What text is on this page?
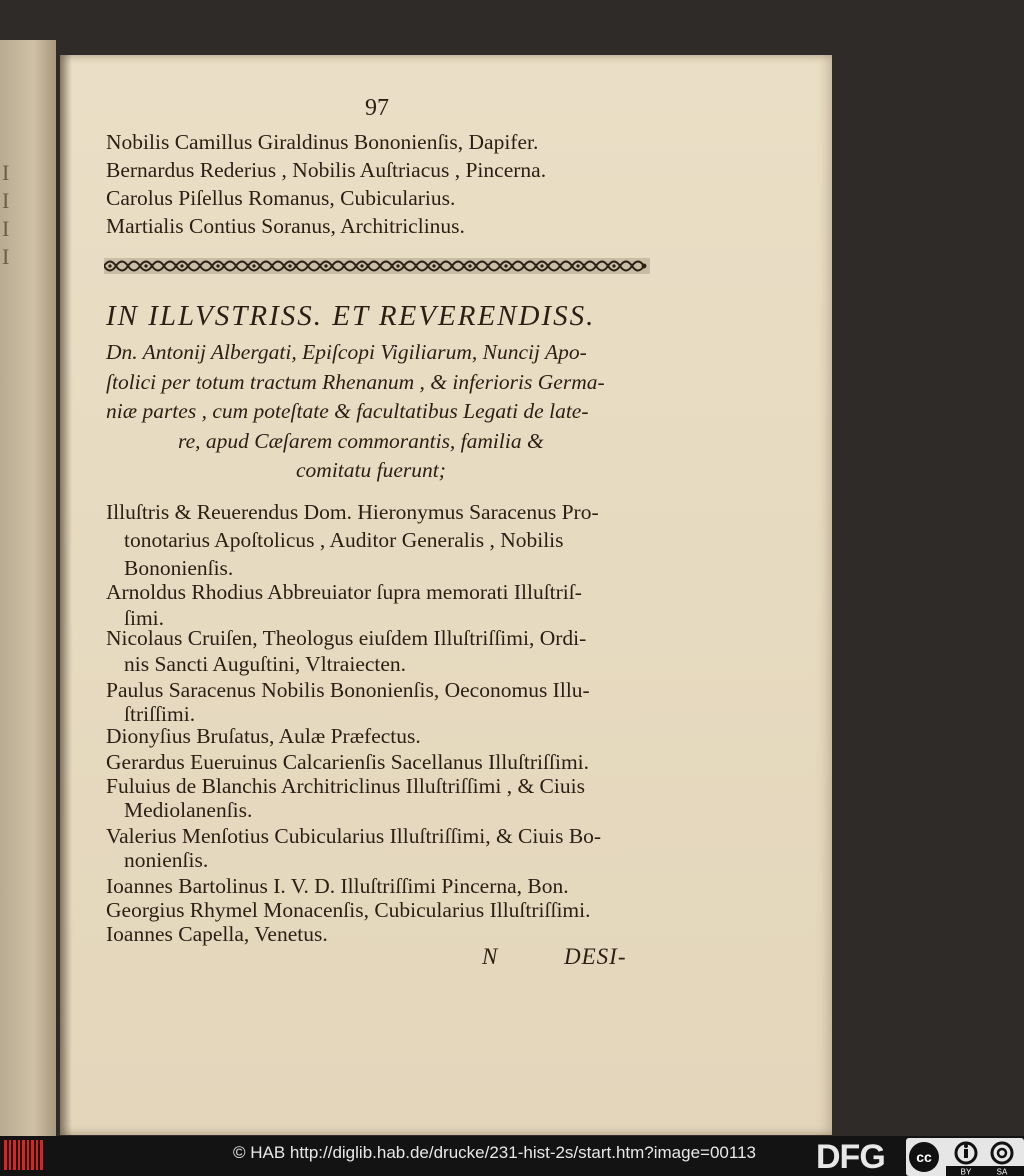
I
I
I
I
97
Nobilis Camillus Giraldinus Bononienſis, Dapifer.
Bernardus Rederius , Nobilis Auſtriacus , Pincerna.
Carolus Piſellus Romanus, Cubicularius.
Martialis Contius Soranus, Architriclinus.
IN ILLVSTRISS. ET REVERENDISS.
Dn. Antonij Albergati, Epiſcopi Vigiliarum, Nuncij Apo-
ſtolici per totum tractum Rhenanum , & inferioris Germa-
niæ partes , cum poteſtate & facultatibus Legati de late-
re, apud Cæſarem commorantis, familia &
comitatu fuerunt;
Illuſtris & Reuerendus Dom. Hieronymus Saracenus Pro-
tonotarius Apoſtolicus , Auditor Generalis , Nobilis
Bononienſis.
Arnoldus Rhodius Abbreuiator ſupra memorati Illuſtriſ-
ſimi.
Nicolaus Cruiſen, Theologus eiuſdem Illuſtriſſimi, Ordi-
nis Sancti Auguſtini, Vltraiecten.
Paulus Saracenus Nobilis Bononienſis, Oeconomus Illu-
ſtriſſimi.
Dionyſius Bruſatus, Aulæ Præfectus.
Gerardus Eueruinus Calcarienſis Sacellanus Illuſtriſſimi.
Fuluius de Blanchis Architriclinus Illuſtriſſimi , & Ciuis
Mediolanenſis.
Valerius Menſotius Cubicularius Illuſtriſſimi, & Ciuis Bo-
nonienſis.
Ioannes Bartolinus I. V. D. Illuſtriſſimi Pincerna, Bon.
Georgius Rhymel Monacenſis, Cubicularius Illuſtriſſimi.
Ioannes Capella, Venetus.
N	DESI-
© HAB http://diglib.hab.de/drucke/231-hist-2s/start.htm?image=00113 DFG cc
BY	SA
